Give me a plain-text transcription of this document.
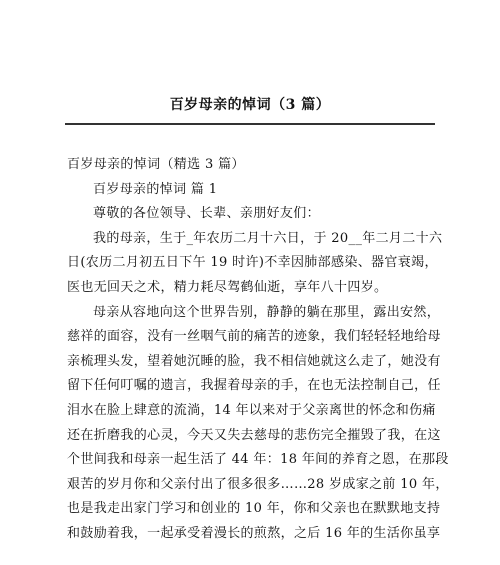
百岁母亲的悼词（3 篇）
百岁母亲的悼词（精选 3 篇）
百岁母亲的悼词 篇 1
尊敬的各位领导、长辈、亲朋好友们：
我的母亲，生于_年农历二月十六日，于 20__年二月二十六
日(农历二月初五日下午 19 时许)不幸因肺部感染、器官衰竭，
医也无回天之术，精力耗尽驾鹤仙逝，享年八十四岁。
母亲从容地向这个世界告别，静静的躺在那里，露出安然，
慈祥的面容，没有一丝咽气前的痛苦的迹象，我们轻轻轻地给母
亲梳理头发，望着她沉睡的脸，我不相信她就这么走了，她没有
留下任何叮嘱的遗言，我握着母亲的手，在也无法控制自己，任
泪水在脸上肆意的流淌，14 年以来对于父亲离世的怀念和伤痛
还在折磨我的心灵，今天又失去慈母的悲伤完全摧毁了我，在这
个世间我和母亲一起生活了 44 年：18 年间的养育之恩，在那段
艰苦的岁月你和父亲付出了很多很多……28 岁成家之前 10 年，
也是我走出家门学习和创业的 10 年，你和父亲也在默默地支持
和鼓励着我，一起承受着漫长的煎熬，之后 16 年的生活你虽享
